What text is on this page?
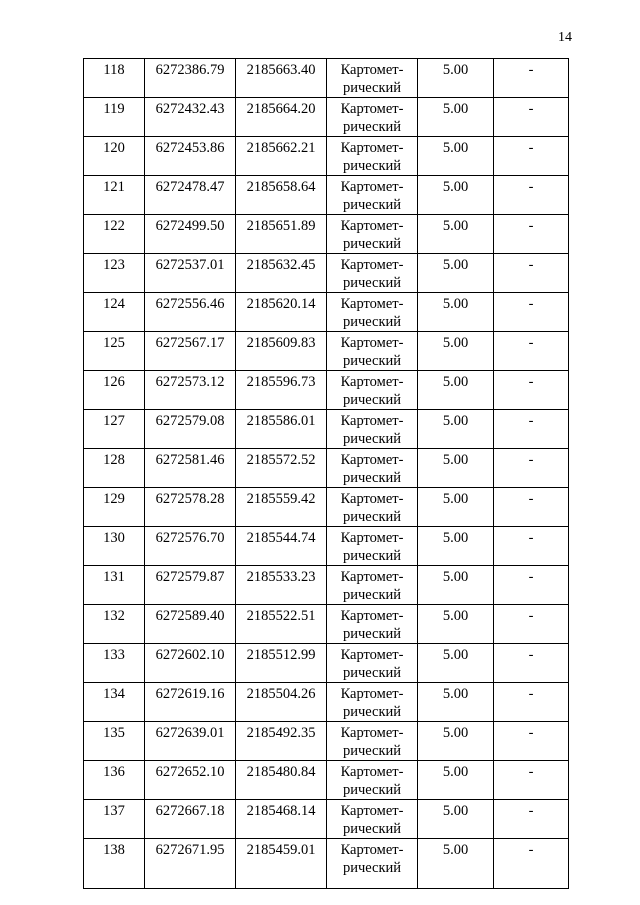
14
118	6272386.79	2185663.40	Картомет-
рический	5.00	-

119	6272432.43	2185664.20	Картомет-
рический	5.00	-

120	6272453.86	2185662.21	Картомет-
рический	5.00	-

121	6272478.47	2185658.64	Картомет-
рический	5.00	-

122	6272499.50	2185651.89	Картомет-
рический	5.00	-

123	6272537.01	2185632.45	Картомет-
рический	5.00	-

124	6272556.46	2185620.14	Картомет-
рический	5.00	-

125	6272567.17	2185609.83	Картомет-
рический	5.00	-

126	6272573.12	2185596.73	Картомет-
рический	5.00	-

127	6272579.08	2185586.01	Картомет-
рический	5.00	-

128	6272581.46	2185572.52	Картомет-
рический	5.00	-

129	6272578.28	2185559.42	Картомет-
рический	5.00	-

130	6272576.70	2185544.74	Картомет-
рический	5.00	-

131	6272579.87	2185533.23	Картомет-
рический	5.00	-

132	6272589.40	2185522.51	Картомет-
рический	5.00	-

133	6272602.10	2185512.99	Картомет-
рический	5.00	-

134	6272619.16	2185504.26	Картомет-
рический	5.00	-

135	6272639.01	2185492.35	Картомет-
рический	5.00	-

136	6272652.10	2185480.84	Картомет-
рический	5.00	-

137	6272667.18	2185468.14	Картомет-
рический	5.00	-

138	6272671.95	2185459.01	Картомет-
рический	5.00	-
